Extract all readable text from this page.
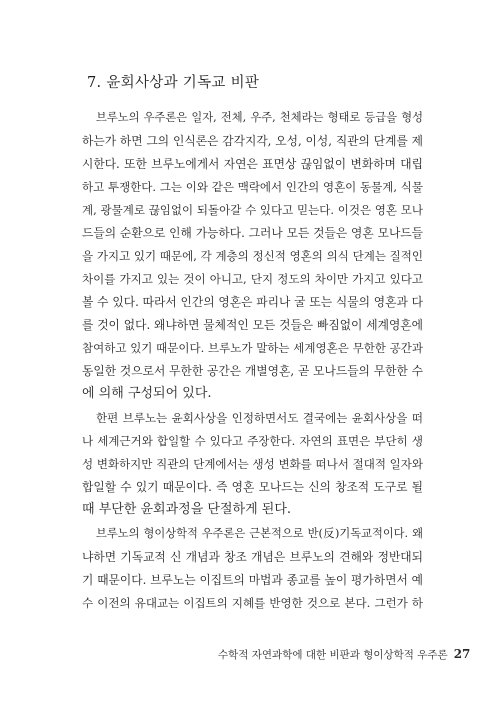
7. 윤회사상과 기독교 비판
브루노의 우주론은 일자, 전체, 우주, 천체라는 형태로 등급을 형성
하는가 하면 그의 인식론은 감각지각, 오성, 이성, 직관의 단계를 제
시한다. 또한 브루노에게서 자연은 표면상 끊임없이 변화하며 대립
하고 투쟁한다. 그는 이와 같은 맥락에서 인간의 영혼이 동물계, 식물
계, 광물계로 끊임없이 되돌아갈 수 있다고 믿는다. 이것은 영혼 모나
드들의 순환으로 인해 가능하다. 그러나 모든 것들은 영혼 모나드들
을 가지고 있기 때문에, 각 계층의 정신적 영혼의 의식 단계는 질적인
차이를 가지고 있는 것이 아니고, 단지 정도의 차이만 가지고 있다고
볼 수 있다. 따라서 인간의 영혼은 파리나 굴 또는 식물의 영혼과 다
를 것이 없다. 왜냐하면 물체적인 모든 것들은 빠짐없이 세계영혼에
참여하고 있기 때문이다. 브루노가 말하는 세계영혼은 무한한 공간과
동일한 것으로서 무한한 공간은 개별영혼, 곧 모나드들의 무한한 수
에 의해 구성되어 있다.
한편 브루노는 윤회사상을 인정하면서도 결국에는 윤회사상을 떠
나 세계근거와 합일할 수 있다고 주장한다. 자연의 표면은 부단히 생
성 변화하지만 직관의 단계에서는 생성 변화를 떠나서 절대적 일자와
합일할 수 있기 때문이다. 즉 영혼 모나드는 신의 창조적 도구로 될
때 부단한 윤회과정을 단절하게 된다.
브루노의 형이상학적 우주론은 근본적으로 반(反)기독교적이다. 왜
냐하면 기독교적 신 개념과 창조 개념은 브루노의 견해와 정반대되
기 때문이다. 브루노는 이집트의 마법과 종교를 높이 평가하면서 예
수 이전의 유대교는 이집트의 지혜를 반영한 것으로 본다. 그런가 하
수학적 자연과학에 대한 비판과 형이상학적 우주론 27
